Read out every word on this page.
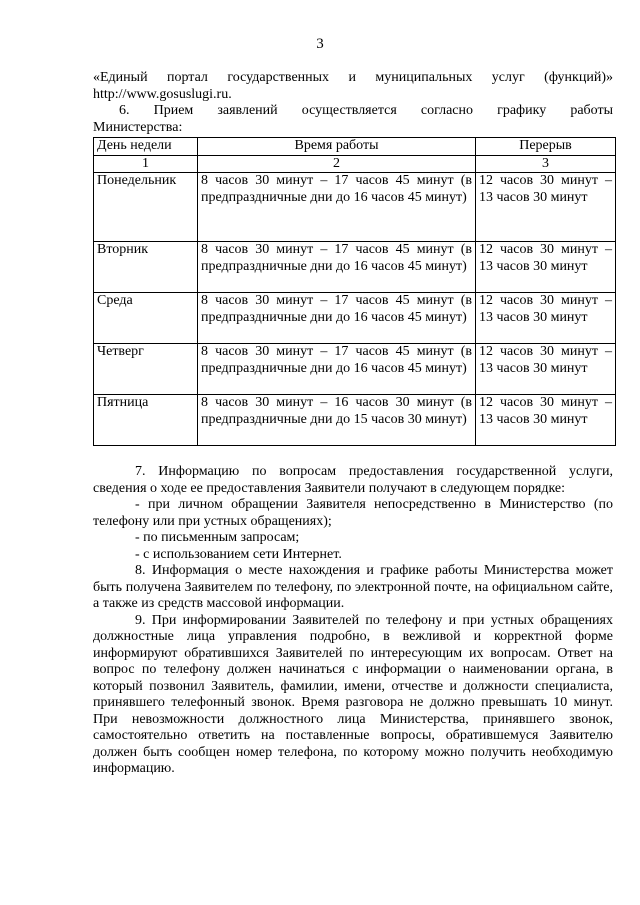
3

«Единый портал государственных и муниципальных услуг (функций)»

http://www.gosuslugi.ru.

6. Прием заявлений осуществляется согласно графику работы

Министерства:

День недели	Время работы	Перерыв
1	2	3
Понедельник	8 часов 30 минут – 17 часов 45 минут (в предпраздничные дни до 16 часов 45 минут)	12 часов 30 минут – 13 часов 30 минут
Вторник	8 часов 30 минут – 17 часов 45 минут (в предпраздничные дни до 16 часов 45 минут)	12 часов 30 минут – 13 часов 30 минут
Среда	8 часов 30 минут – 17 часов 45 минут (в предпраздничные дни до 16 часов 45 минут)	12 часов 30 минут – 13 часов 30 минут
Четверг	8 часов 30 минут – 17 часов 45 минут (в предпраздничные дни до 16 часов 45 минут)	12 часов 30 минут – 13 часов 30 минут
Пятница	8 часов 30 минут – 16 часов 30 минут (в предпраздничные дни до 15 часов 30 минут)	12 часов 30 минут – 13 часов 30 минут

7. Информацию по вопросам предоставления государственной услуги, сведения о ходе ее предоставления Заявители получают в следующем порядке:

- при личном обращении Заявителя непосредственно в Министерство (по телефону или при устных обращениях);

- по письменным запросам;

- с использованием сети Интернет.

8. Информация о месте нахождения и графике работы Министерства может быть получена Заявителем по телефону, по электронной почте, на официальном сайте, а также из средств массовой информации.

9. При информировании Заявителей по телефону и при устных обращениях должностные лица управления подробно, в вежливой и корректной форме информируют обратившихся Заявителей по интересующим их вопросам. Ответ на вопрос по телефону должен начинаться с информации о наименовании органа, в который позвонил Заявитель, фамилии, имени, отчестве и должности специалиста, принявшего телефонный звонок. Время разговора не должно превышать 10 минут. При невозможности должностного лица Министерства, принявшего звонок, самостоятельно ответить на поставленные вопросы, обратившемуся Заявителю должен быть сообщен номер телефона, по которому можно получить необходимую информацию.
